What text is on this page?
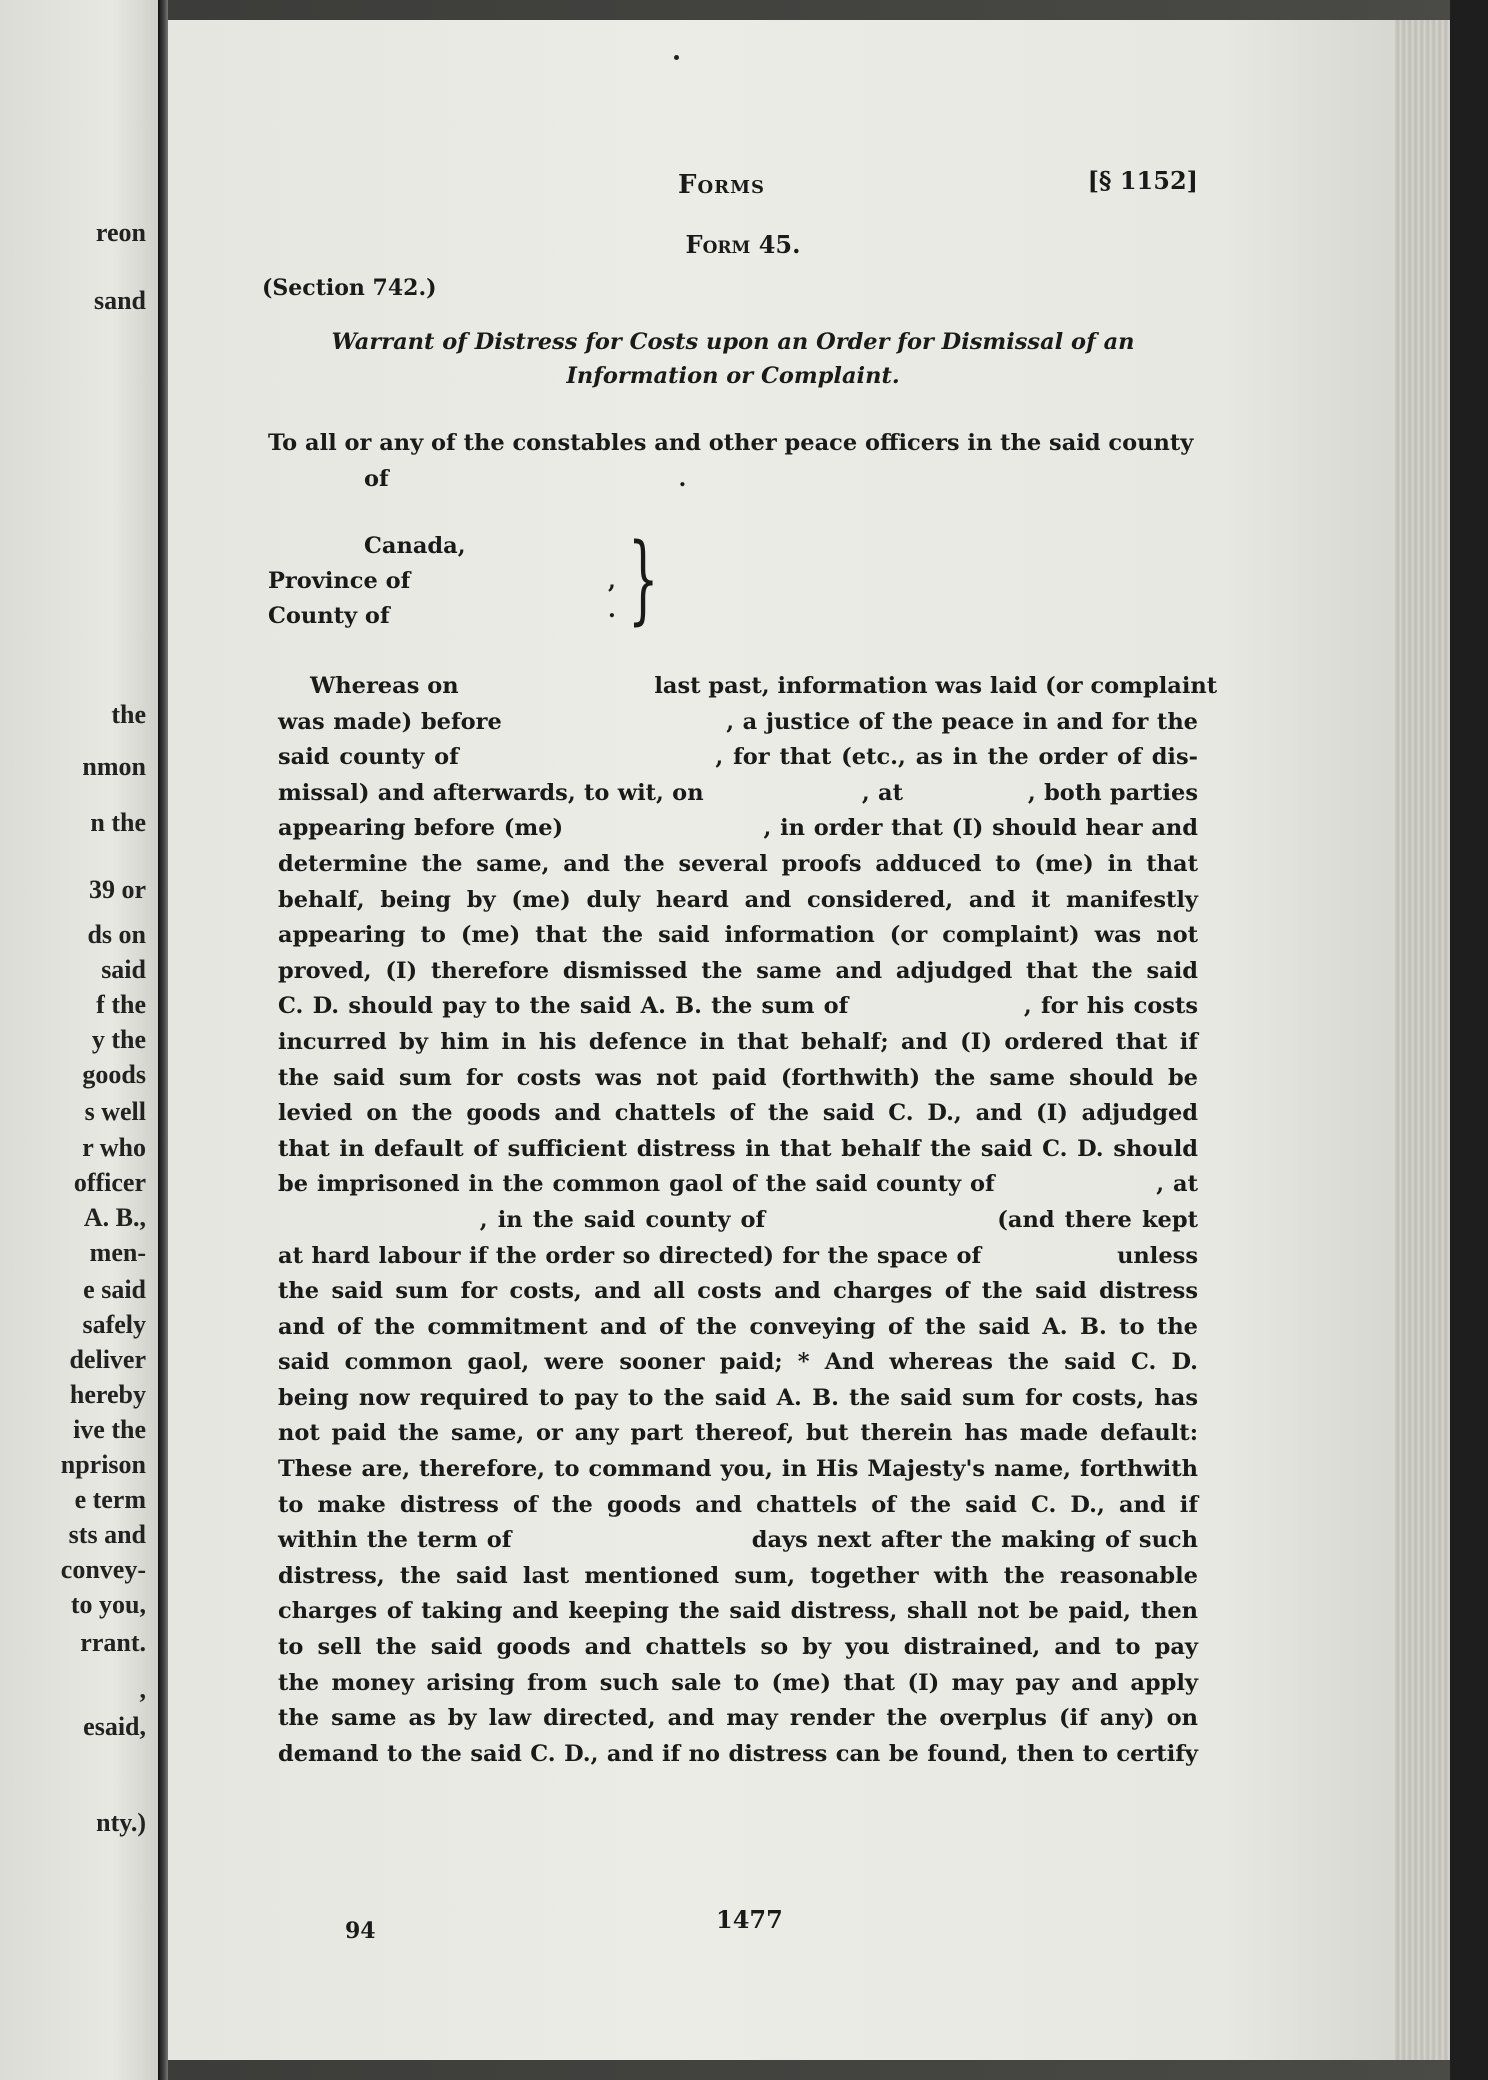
reon
sand
the
nmon
n the
39 or
ds on
said
f the
y the
goods
s well
r who
officer
A. B.,
men-
e said
safely
deliver
hereby
ive the
nprison
e term
sts and
convey-
to you,
rrant.
,
esaid,
nty.)
Forms	[§ 1152]
Form 45.
(Section 742.)
Warrant of Distress for Costs upon an Order for Dismissal of an
Information or Complaint.
To all or any of the constables and other peace officers in the said county of                                     .
Canada,
Province of
County of
,
. }
Whereas on                         last past, information was laid (or complaint
was made) before                          , a justice of the peace in and for the
said county of                          , for that (etc., as in the order of dis-
missal) and afterwards, to wit, on                   , at               , both parties
appearing before (me)                       , in order that (I) should hear and
determine the same, and the several proofs adduced to (me) in that
behalf, being by (me) duly heard and considered, and it manifestly
appearing to (me) that the said information (or complaint) was not
proved, (I) therefore dismissed the same and adjudged that the said
C. D. should pay to the said A. B. the sum of                   , for his costs
incurred by him in his defence in that behalf; and (I) ordered that if
the said sum for costs was not paid (forthwith) the same should be
levied on the goods and chattels of the said C. D., and (I) adjudged
that in default of sufficient distress in that behalf the said C. D. should
be imprisoned in the common gaol of the said county of                  , at
, in the said county of                       (and there kept
at hard labour if the order so directed) for the space of                unless
the said sum for costs, and all costs and charges of the said distress
and of the commitment and of the conveying of the said A. B. to the
said common gaol, were sooner paid; * And whereas the said C. D.
being now required to pay to the said A. B. the said sum for costs, has
not paid the same, or any part thereof, but therein has made default:
These are, therefore, to command you, in His Majesty's name, forthwith
to make distress of the goods and chattels of the said C. D., and if
within the term of                          days next after the making of such
distress, the said last mentioned sum, together with the reasonable
charges of taking and keeping the said distress, shall not be paid, then
to sell the said goods and chattels so by you distrained, and to pay
the money arising from such sale to (me) that (I) may pay and apply
the same as by law directed, and may render the overplus (if any) on
demand to the said C. D., and if no distress can be found, then to certify
1477
94
